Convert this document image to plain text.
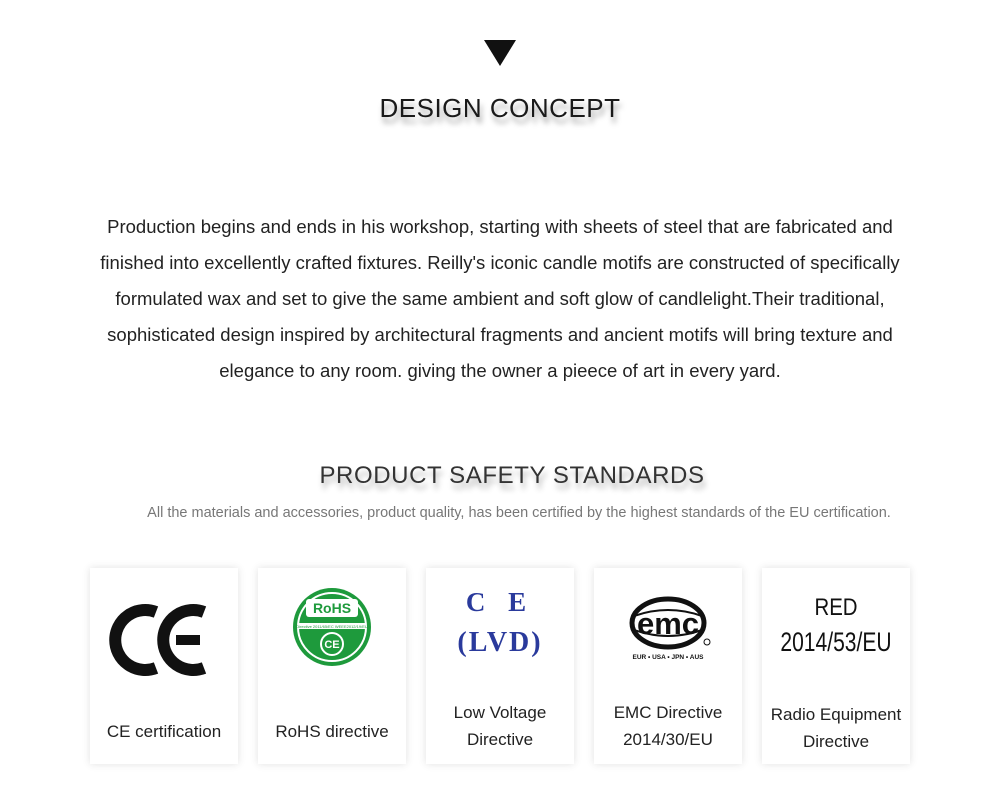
DESIGN CONCEPT
Production begins and ends in his workshop, starting with sheets of steel that are fabricated and
finished into excellently crafted fixtures. Reilly's iconic candle motifs are constructed of specifically
formulated wax and set to give the same ambient and soft glow of candlelight.Their traditional,
sophisticated design inspired by architectural fragments and ancient motifs will bring texture and
elegance to any room. giving the owner a pieece of art in every yard.
PRODUCT SAFETY STANDARDS
All the materials and accessories, product quality, has been certified by the highest standards of the EU certification.
CE certification
RoHS
Directive 2011/65/EC WEEE2012/19/EU
CE
RoHS directive
C E
(LVD)
Low Voltage
Directive
emc
EUR • USA • JPN • AUS
EMC Directive
2014/30/EU
RED
2014/53/EU
Radio Equipment
Directive
